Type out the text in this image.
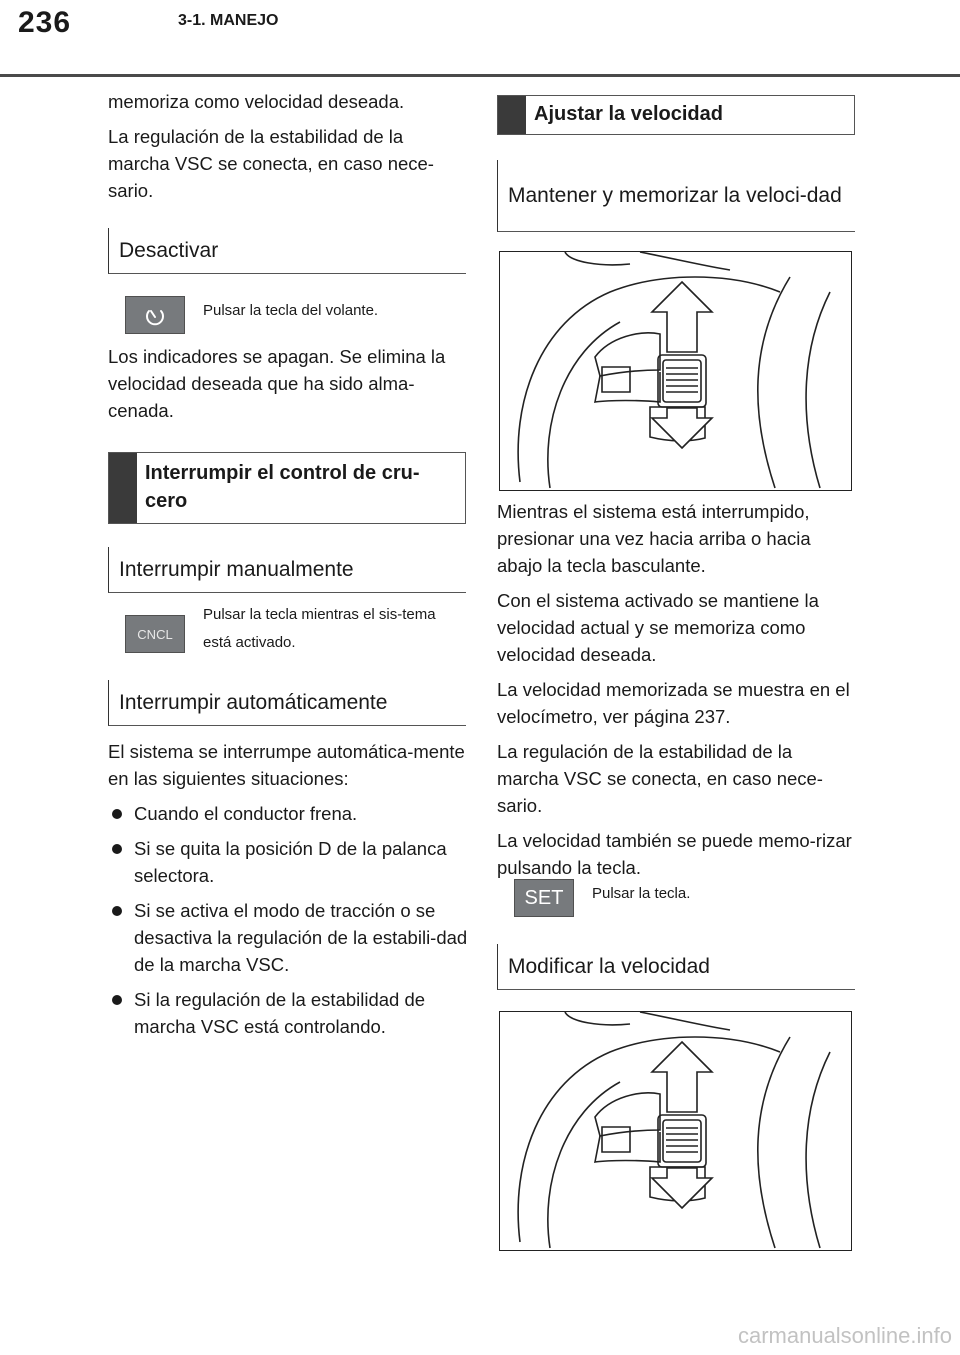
236	3-1. MANEJO

memoriza como velocidad deseada.

La regulación de la estabilidad de la marcha VSC se conecta, en caso nece-sario.

Desactivar
Pulsar la tecla del volante.

Los indicadores se apagan. Se elimina la velocidad deseada que ha sido alma-cenada.

Interrumpir el control de cru-cero
Interrumpir manualmente
CNCL
Pulsar la tecla mientras el sis-tema está activado.
Interrumpir automáticamente

El sistema se interrumpe automática-mente en las siguientes situaciones:

Cuando el conductor frena.
Si se quita la posición D de la palanca selectora.
Si se activa el modo de tracción o se desactiva la regulación de la estabili-dad de la marcha VSC.
Si la regulación de la estabilidad de marcha VSC está controlando.
Ajustar la velocidad
Mantener y memorizar la veloci-dad

Mientras el sistema está interrumpido, presionar una vez hacia arriba o hacia abajo la tecla basculante.

Con el sistema activado se mantiene la velocidad actual y se memoriza como velocidad deseada.

La velocidad memorizada se muestra en el velocímetro, ver página 237.

La regulación de la estabilidad de la marcha VSC se conecta, en caso nece-sario.

La velocidad también se puede memo-rizar pulsando la tecla.

SET Pulsar la tecla.
Modificar la velocidad
carmanualsonline.info
